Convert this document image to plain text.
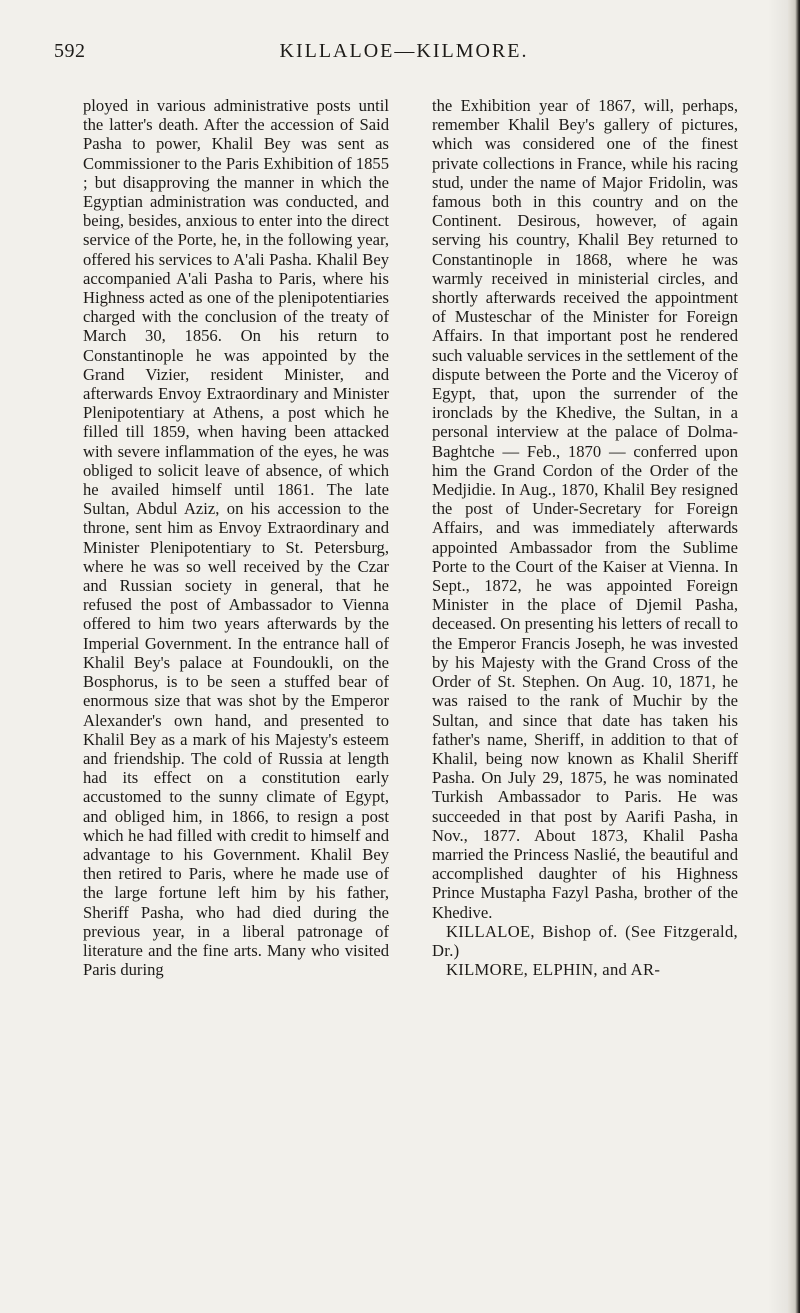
592	KILLALOE—KILMORE.

ployed in various administrative posts until the latter's death. After the accession of Said Pasha to power, Khalil Bey was sent as Commissioner to the Paris Exhibition of 1855 ; but disapproving the manner in which the Egyptian administration was conducted, and being, besides, anxious to enter into the direct service of the Porte, he, in the following year, offered his services to A'ali Pasha. Khalil Bey accompanied A'ali Pasha to Paris, where his Highness acted as one of the plenipotentiaries charged with the conclusion of the treaty of March 30, 1856. On his return to Constantinople he was appointed by the Grand Vizier, resident Minister, and afterwards Envoy Extraordinary and Minister Plenipotentiary at Athens, a post which he filled till 1859, when having been attacked with severe inflammation of the eyes, he was obliged to solicit leave of absence, of which he availed himself until 1861. The late Sultan, Abdul Aziz, on his accession to the throne, sent him as Envoy Extraordinary and Minister Plenipotentiary to St. Petersburg, where he was so well received by the Czar and Russian society in general, that he refused the post of Ambassador to Vienna offered to him two years afterwards by the Imperial Government. In the entrance hall of Khalil Bey's palace at Foundoukli, on the Bosphorus, is to be seen a stuffed bear of enormous size that was shot by the Emperor Alexander's own hand, and presented to Khalil Bey as a mark of his Majesty's esteem and friendship. The cold of Russia at length had its effect on a constitution early accustomed to the sunny climate of Egypt, and obliged him, in 1866, to resign a post which he had filled with credit to himself and advantage to his Government. Khalil Bey then retired to Paris, where he made use of the large fortune left him by his father, Sheriff Pasha, who had died during the previous year, in a liberal patronage of literature and the fine arts. Many who visited Paris during

the Exhibition year of 1867, will, perhaps, remember Khalil Bey's gallery of pictures, which was considered one of the finest private collections in France, while his racing stud, under the name of Major Fridolin, was famous both in this country and on the Continent. Desirous, however, of again serving his country, Khalil Bey returned to Constantinople in 1868, where he was warmly received in ministerial circles, and shortly afterwards received the appointment of Musteschar of the Minister for Foreign Affairs. In that important post he rendered such valuable services in the settlement of the dispute between the Porte and the Viceroy of Egypt, that, upon the surrender of the ironclads by the Khedive, the Sultan, in a personal interview at the palace of Dolma-Baghtche — Feb., 1870 — conferred upon him the Grand Cordon of the Order of the Medjidie. In Aug., 1870, Khalil Bey resigned the post of Under-Secretary for Foreign Affairs, and was immediately afterwards appointed Ambassador from the Sublime Porte to the Court of the Kaiser at Vienna. In Sept., 1872, he was appointed Foreign Minister in the place of Djemil Pasha, deceased. On presenting his letters of recall to the Emperor Francis Joseph, he was invested by his Majesty with the Grand Cross of the Order of St. Stephen. On Aug. 10, 1871, he was raised to the rank of Muchir by the Sultan, and since that date has taken his father's name, Sheriff, in addition to that of Khalil, being now known as Khalil Sheriff Pasha. On July 29, 1875, he was nominated Turkish Ambassador to Paris. He was succeeded in that post by Aarifi Pasha, in Nov., 1877. About 1873, Khalil Pasha married the Princess Naslié, the beautiful and accomplished daughter of his Highness Prince Mustapha Fazyl Pasha, brother of the Khedive.

KILLALOE, Bishop of. (See Fitzgerald, Dr.)

KILMORE, ELPHIN, and AR-
